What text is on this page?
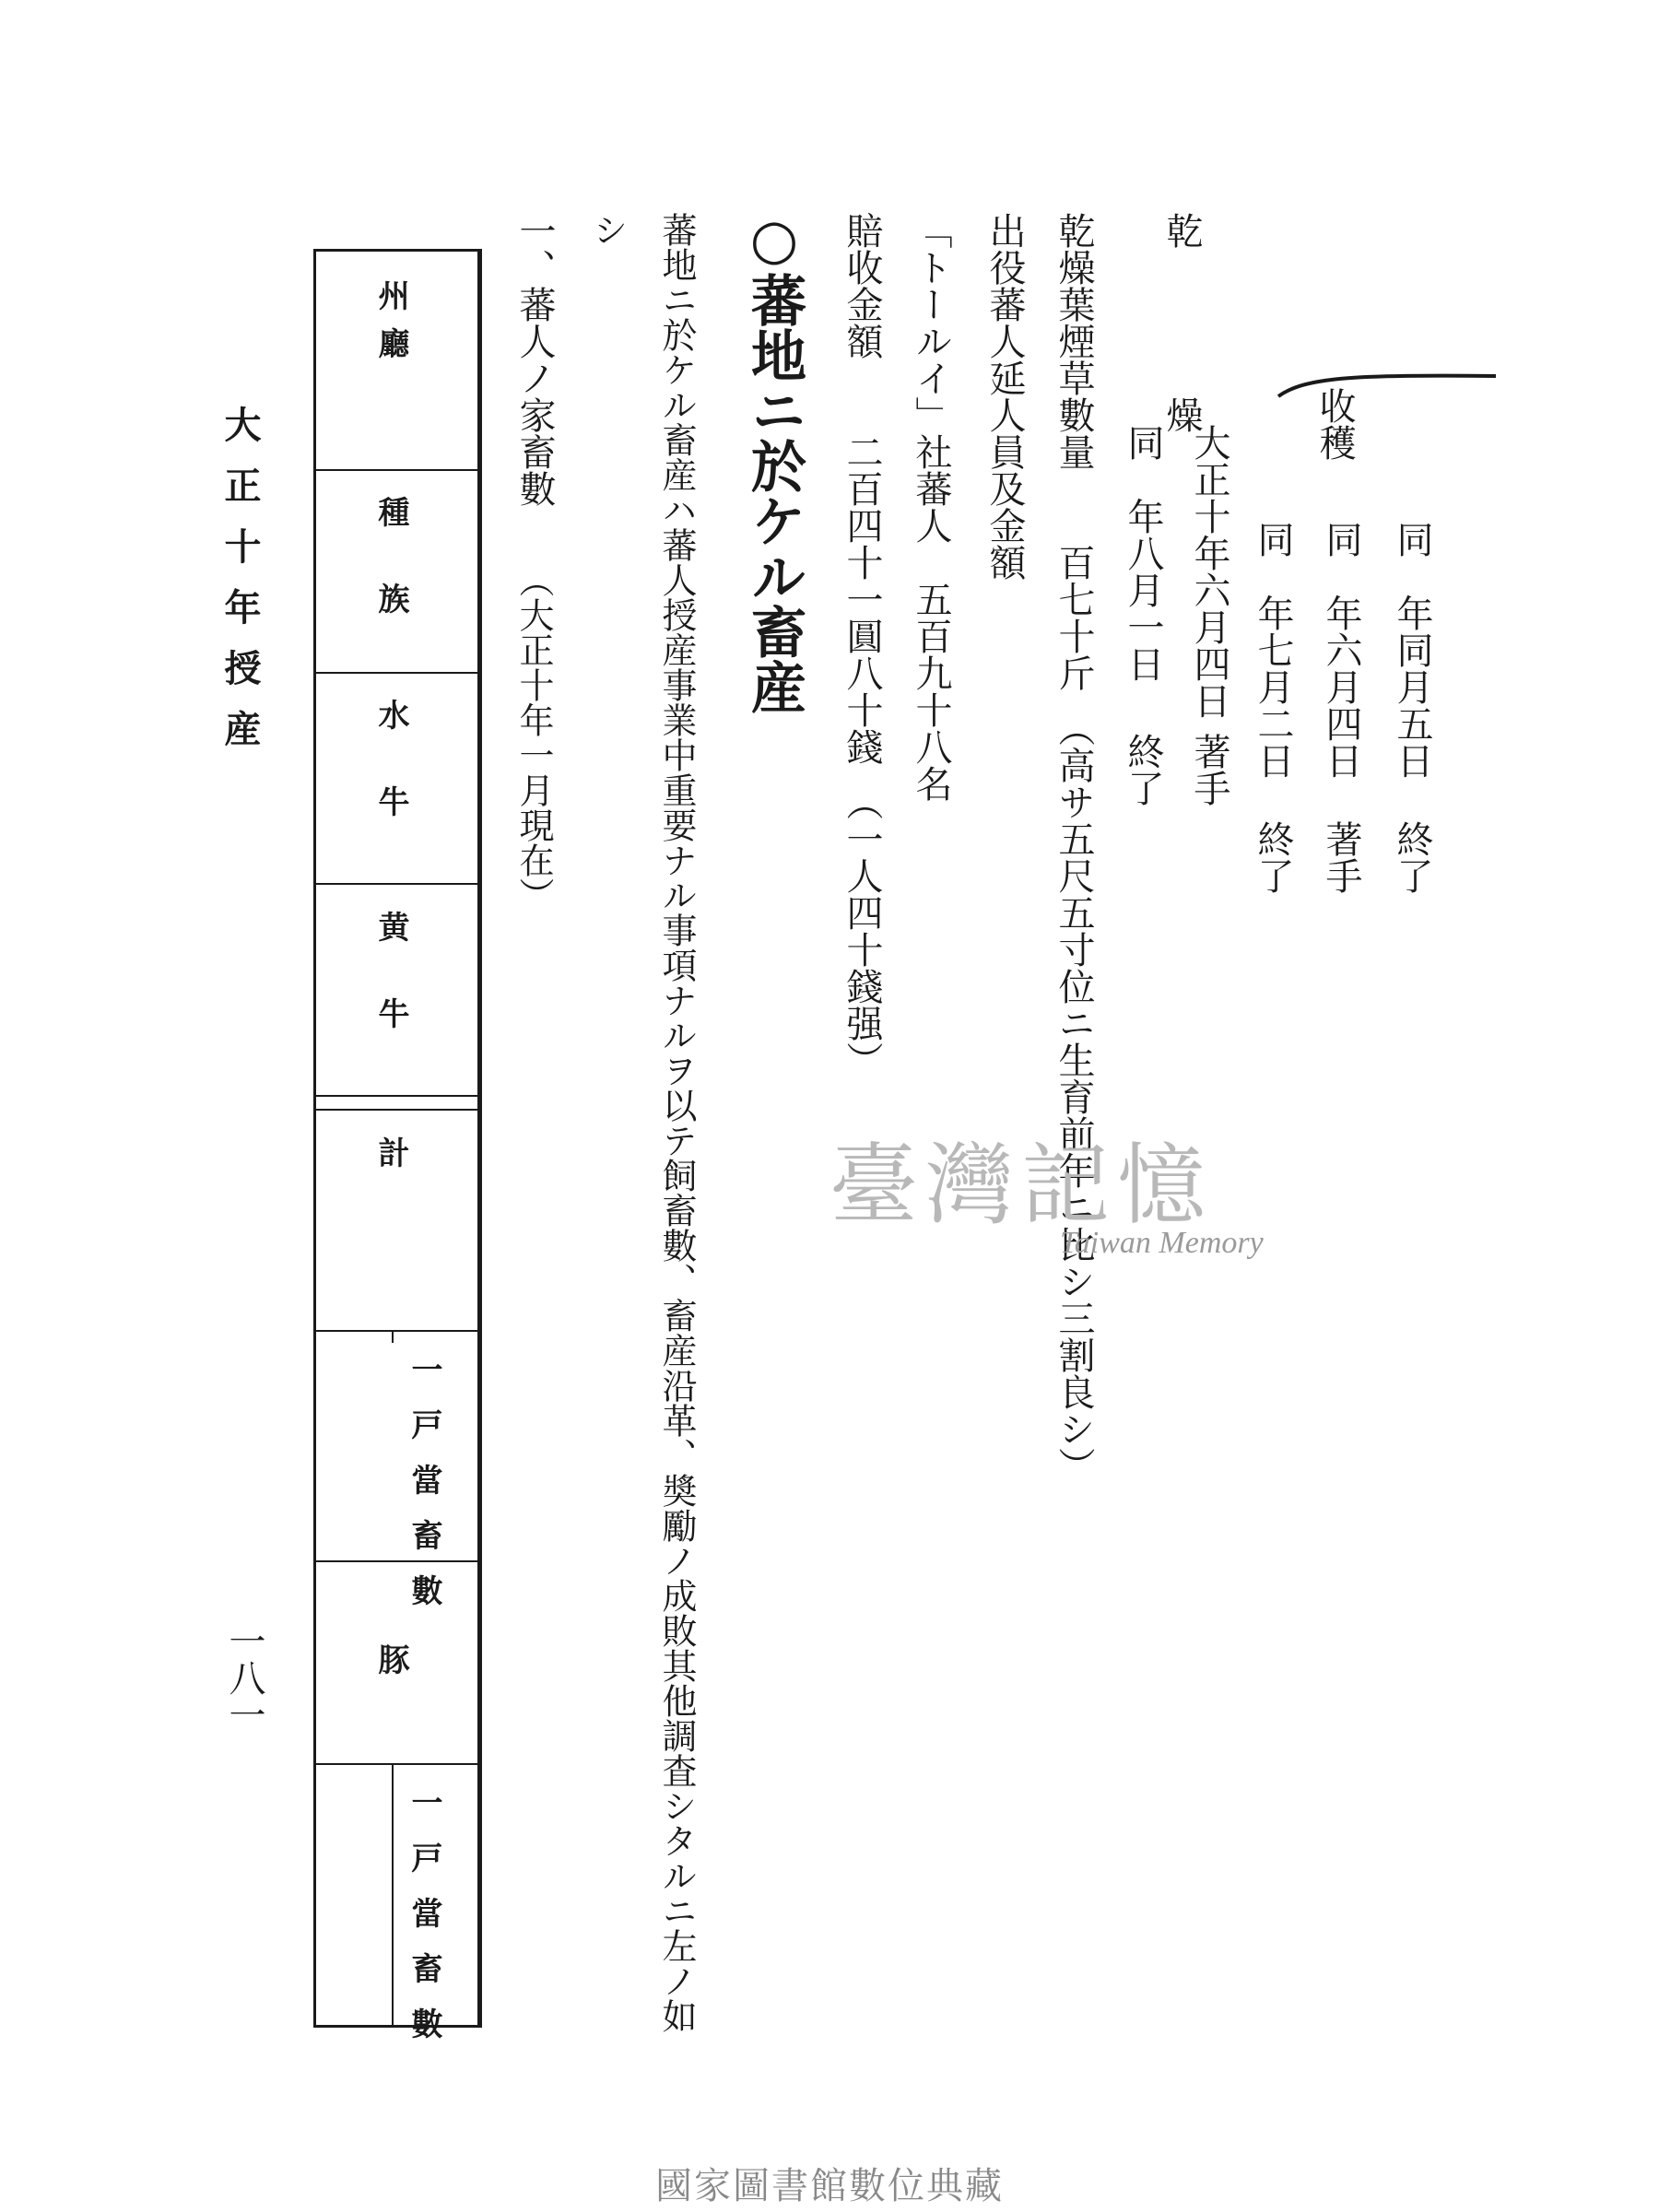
收穫
同　年同月五日
終了
同　年六月四日
著手
同　年七月二日
終了
乾　燥
大正十年六月四日
著手
同　年八月一日
終了
乾燥葉煙草數量　　百七十斤　（高サ五尺五寸位ニ生育前年ニ比シ三割良シ）
出役蕃人延人員及金額
「トールイ」社蕃人　五百九十八名
賠收金額　　二百四十一圓八十錢　（一人四十錢强）
○蕃地ニ於ケル畜産
蕃地ニ於ケル畜産ハ蕃人授産事業中重要ナル事項ナルヲ以テ飼畜數、畜産沿革、奬勵ノ成敗其他調査シタルニ左ノ如
シ
一、蕃人ノ家畜數
（大正十年一月現在）
州廳
種族
水牛
黄牛
計
一戸當畜數
豚
一戸當畜數
大正十年授産
一八一
臺灣記憶
Taiwan Memory
國家圖書館數位典藏
